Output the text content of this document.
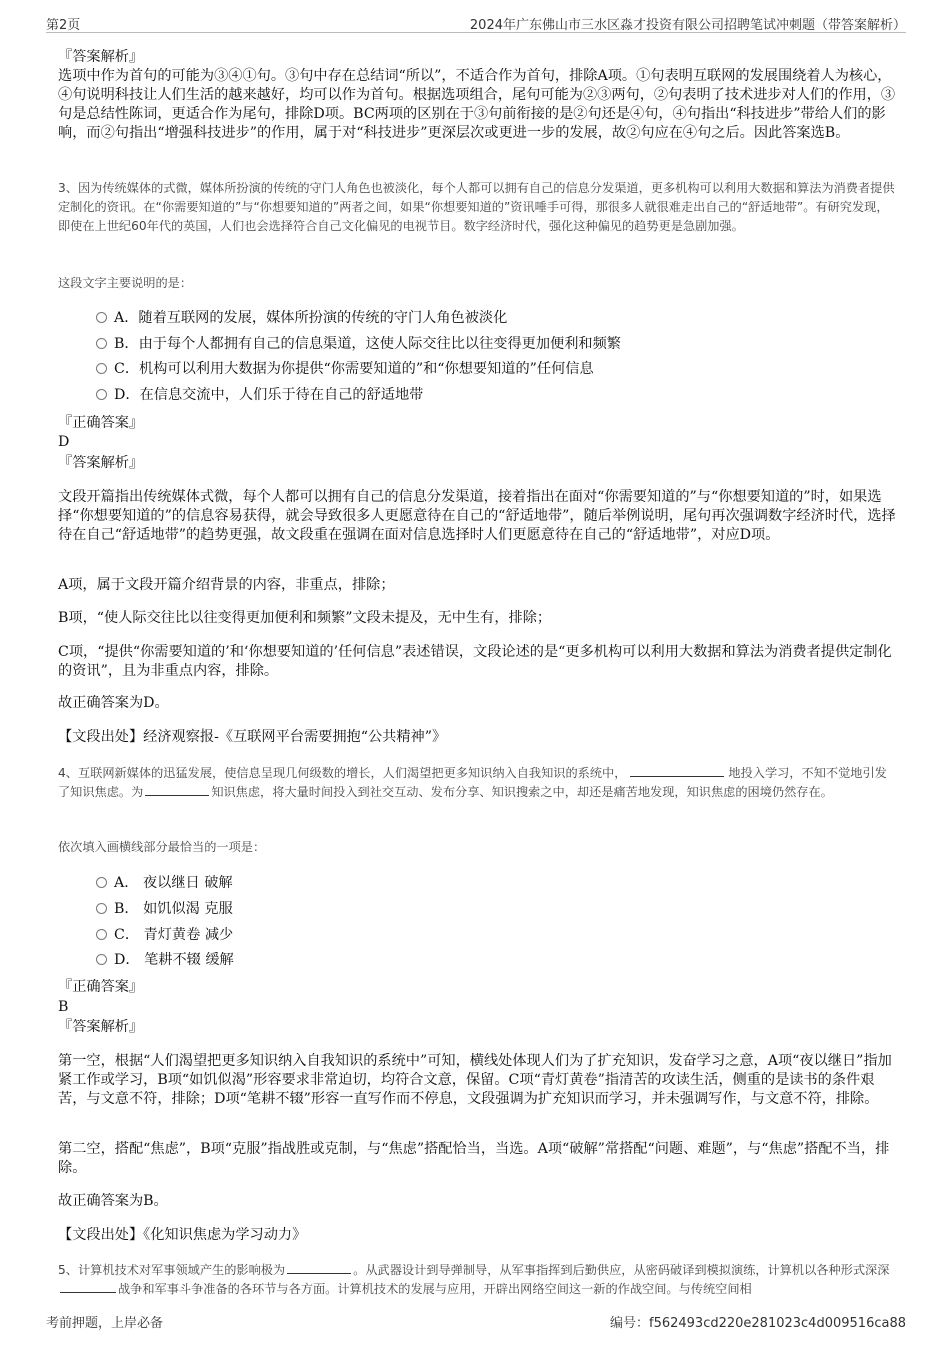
第2页	2024年广东佛山市三水区淼才投资有限公司招聘笔试冲刺题（带答案解析）
『答案解析』
选项中作为首句的可能为③④①句。③句中存在总结词“所以”，不适合作为首句，排除A项。①句表明互联网的发展围绕着人为核心，④句说明科技让人们生活的越来越好，均可以作为首句。根据选项组合，尾句可能为②③两句，②句表明了技术进步对人们的作用，③句是总结性陈词，更适合作为尾句，排除D项。BC两项的区别在于③句前衔接的是②句还是④句，④句指出“科技进步”带给人们的影响，而②句指出“增强科技进步”的作用，属于对“科技进步”更深层次或更进一步的发展，故②句应在④句之后。因此答案选B。
3、因为传统媒体的式微，媒体所扮演的传统的守门人角色也被淡化，每个人都可以拥有自己的信息分发渠道，更多机构可以利用大数据和算法为消费者提供定制化的资讯。在“你需要知道的”与“你想要知道的”两者之间，如果“你想要知道的”资讯唾手可得，那很多人就很难走出自己的“舒适地带”。有研究发现，即使在上世纪60年代的英国，人们也会选择符合自己文化偏见的电视节目。数字经济时代，强化这种偏见的趋势更是急剧加强。
这段文字主要说明的是：
A．随着互联网的发展，媒体所扮演的传统的守门人角色被淡化
B．由于每个人都拥有自己的信息渠道，这使人际交往比以往变得更加便利和频繁
C．机构可以利用大数据为你提供“你需要知道的”和“你想要知道的”任何信息
D．在信息交流中，人们乐于待在自己的舒适地带
『正确答案』
D
『答案解析』
文段开篇指出传统媒体式微，每个人都可以拥有自己的信息分发渠道，接着指出在面对“你需要知道的”与“你想要知道的”时，如果选择“你想要知道的”的信息容易获得，就会导致很多人更愿意待在自己的“舒适地带”，随后举例说明，尾句再次强调数字经济时代，选择待在自己“舒适地带”的趋势更强，故文段重在强调在面对信息选择时人们更愿意待在自己的“舒适地带”，对应D项。
A项，属于文段开篇介绍背景的内容，非重点，排除；
B项，“使人际交往比以往变得更加便利和频繁”文段未提及，无中生有，排除；
C项，“提供“你需要知道的’和‘你想要知道的’任何信息”表述错误，文段论述的是“更多机构可以利用大数据和算法为消费者提供定制化的资讯”，且为非重点内容，排除。
故正确答案为D。
【文段出处】经济观察报-《互联网平台需要拥抱“公共精神”》
4、互联网新媒体的迅猛发展，使信息呈现几何级数的增长，人们渴望把更多知识纳入自我知识的系统中，	地投入学习，不知不觉地引发了知识焦虑。为	知识焦虑，将大量时间投入到社交互动、发布分享、知识搜索之中，却还是痛苦地发现，知识焦虑的困境仍然存在。
依次填入画横线部分最恰当的一项是：
A． 夜以继日 破解
B． 如饥似渴 克服
C． 青灯黄卷 减少
D． 笔耕不辍 缓解
『正确答案』
B
『答案解析』
第一空，根据“人们渴望把更多知识纳入自我知识的系统中”可知，横线处体现人们为了扩充知识，发奋学习之意，A项“夜以继日”指加紧工作或学习，B项“如饥似渴”形容要求非常迫切，均符合文意，保留。C项“青灯黄卷”指清苦的攻读生活，侧重的是读书的条件艰苦，与文意不符，排除；D项“笔耕不辍”形容一直写作而不停息，文段强调为扩充知识而学习，并未强调写作，与文意不符，排除。
第二空，搭配“焦虑”，B项“克服”指战胜或克制，与“焦虑”搭配恰当，当选。A项“破解”常搭配“问题、难题”，与“焦虑”搭配不当，排除。
故正确答案为B。
【文段出处】《化知识焦虑为学习动力》
5、计算机技术对军事领域产生的影响极为	。从武器设计到导弹制导，从军事指挥到后勤供应，从密码破译到模拟演练，计算机以各种形式深深战争和军事斗争准备的各环节与各方面。计算机技术的发展与应用，开辟出网络空间这一新的作战空间。与传统空间相
考前押题，上岸必备	编号：f562493cd220e281023c4d009516ca88
